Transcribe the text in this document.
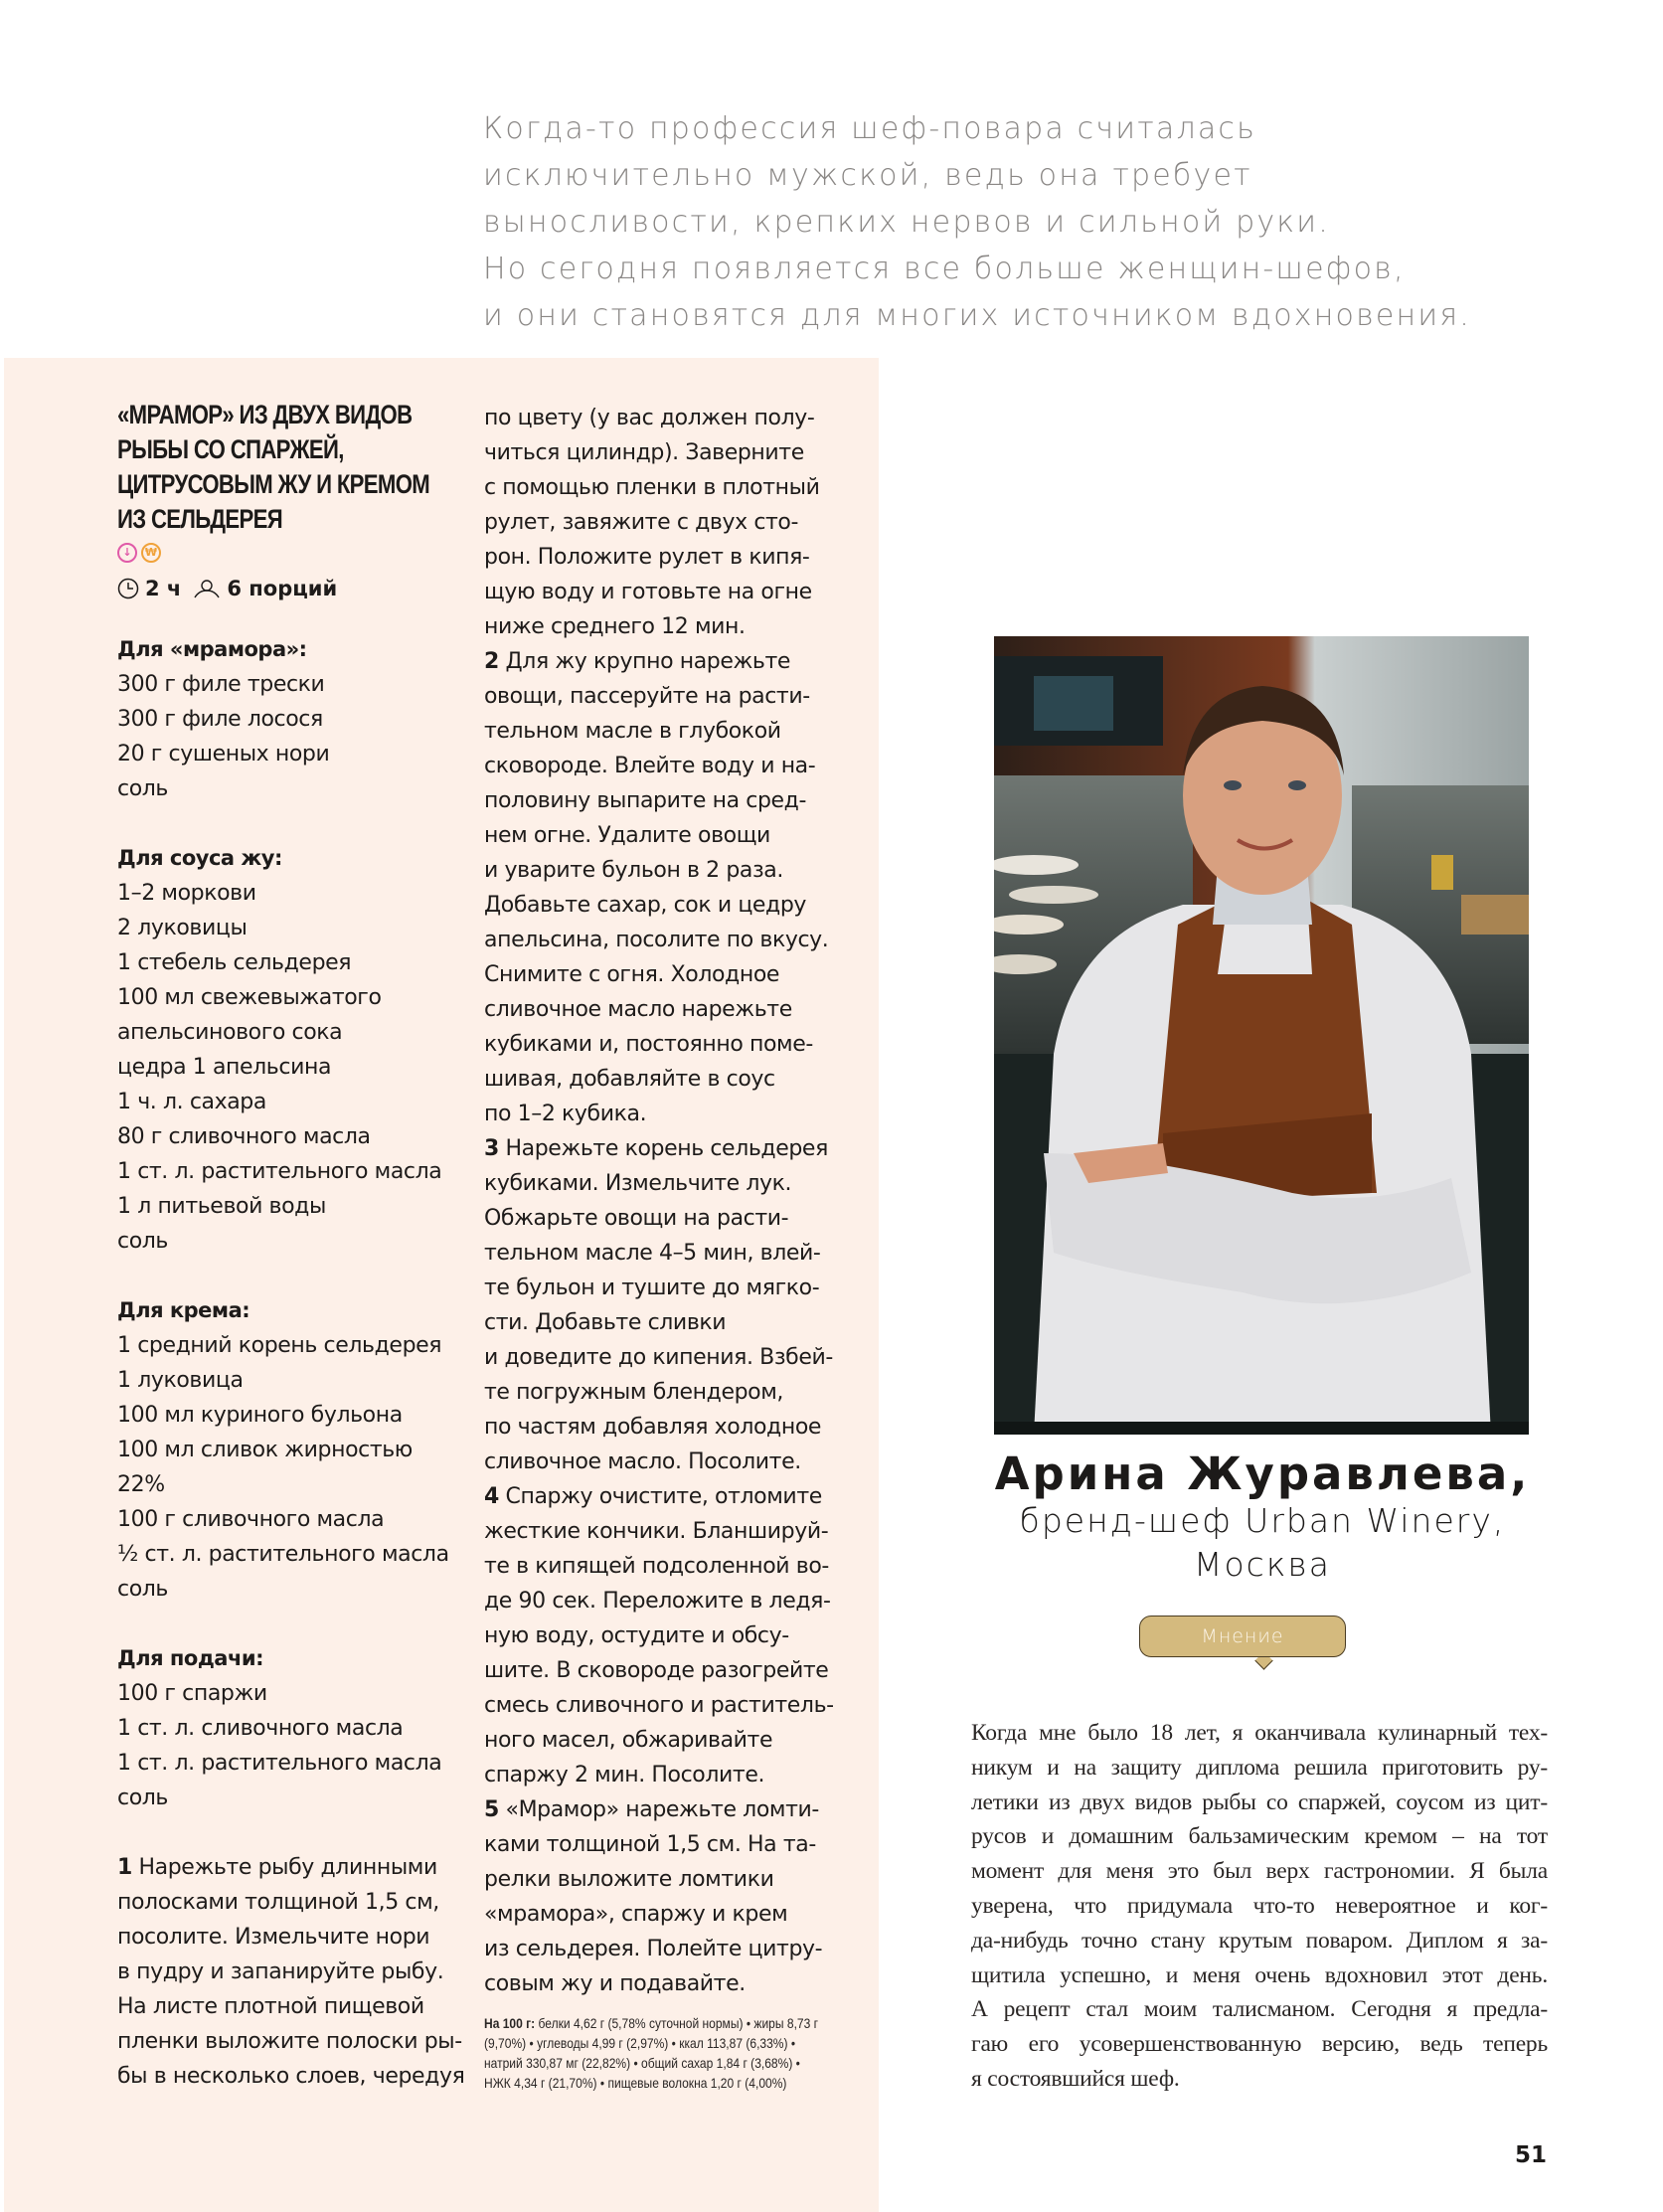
Когда-то профессия шеф-повара считалась
исключительно мужской, ведь она требует
выносливости, крепких нервов и сильной руки.
Но сегодня появляется все больше женщин-шефов,
и они становятся для многих источником вдохновения.
«МРАМОР» ИЗ ДВУХ ВИДОВ
РЫБЫ СО СПАРЖЕЙ,
ЦИТРУСОВЫМ ЖУ И КРЕМОМ
ИЗ СЕЛЬДЕРЕЯ
↓	₩
2 ч 6 порций
Для «мрамора»:
300 г филе трески
300 г филе лосося
20 г сушеных нори
соль
Для соуса жу:
1–2 моркови
2 луковицы
1 стебель сельдерея
100 мл свежевыжатого
апельсинового сока
цедра 1 апельсина
1 ч. л. сахара
80 г сливочного масла
1 ст. л. растительного масла
1 л питьевой воды
соль
Для крема:
1 средний корень сельдерея
1 луковица
100 мл куриного бульона
100 мл сливок жирностью
22%
100 г сливочного масла
½ ст. л. растительного масла
соль
Для подачи:
100 г спаржи
1 ст. л. сливочного масла
1 ст. л. растительного масла
соль
1 Нарежьте рыбу длинными
полосками толщиной 1,5 см,
посолите. Измельчите нори
в пудру и запанируйте рыбу.
На листе плотной пищевой
пленки выложите полоски ры-
бы в несколько слоев, чередуя
по цвету (у вас должен полу-
читься цилиндр). Заверните
с помощью пленки в плотный
рулет, завяжите с двух сто-
рон. Положите рулет в кипя-
щую воду и готовьте на огне
ниже среднего 12 мин.
2 Для жу крупно нарежьте
овощи, пассеруйте на расти-
тельном масле в глубокой
сковороде. Влейте воду и на-
половину выпарите на сред-
нем огне. Удалите овощи
и уварите бульон в 2 раза.
Добавьте сахар, сок и цедру
апельсина, посолите по вкусу.
Снимите с огня. Холодное
сливочное масло нарежьте
кубиками и, постоянно поме-
шивая, добавляйте в соус
по 1–2 кубика.
3 Нарежьте корень сельдерея
кубиками. Измельчите лук.
Обжарьте овощи на расти-
тельном масле 4–5 мин, влей-
те бульон и тушите до мягко-
сти. Добавьте сливки
и доведите до кипения. Взбей-
те погружным блендером,
по частям добавляя холодное
сливочное масло. Посолите.
4 Спаржу очистите, отломите
жесткие кончики. Бланшируй-
те в кипящей подсоленной во-
де 90 сек. Переложите в ледя-
ную воду, остудите и обсу-
шите. В сковороде разогрейте
смесь сливочного и раститель-
ного масел, обжаривайте
спаржу 2 мин. Посолите.
5 «Мрамор» нарежьте ломти-
ками толщиной 1,5 см. На та-
релки выложите ломтики
«мрамора», спаржу и крем
из сельдерея. Полейте цитру-
совым жу и подавайте.
На 100 г: белки 4,62 г (5,78% суточной нормы) • жиры 8,73 г
(9,70%) • углеводы 4,99 г (2,97%) • ккал 113,87 (6,33%) •
натрий 330,87 мг (22,82%) • общий сахар 1,84 г (3,68%) •
НЖК 4,34 г (21,70%) • пищевые волокна 1,20 г (4,00%)
Арина Журавлева,
бренд-шеф Urban Winery,
Москва
Мнение
Когда мне было 18 лет, я оканчивала кулинарный тех-
никум и на защиту диплома решила приготовить ру-
летики из двух видов рыбы со спаржей, соусом из цит-
русов и домашним бальзамическим кремом – на тот
момент для меня это был верх гастрономии. Я была
уверена, что придумала что-то невероятное и ког-
да-нибудь точно стану крутым поваром. Диплом я за-
щитила успешно, и меня очень вдохновил этот день.
А рецепт стал моим талисманом. Сегодня я предла-
гаю его усовершенствованную версию, ведь теперь
я состоявшийся шеф.
51
